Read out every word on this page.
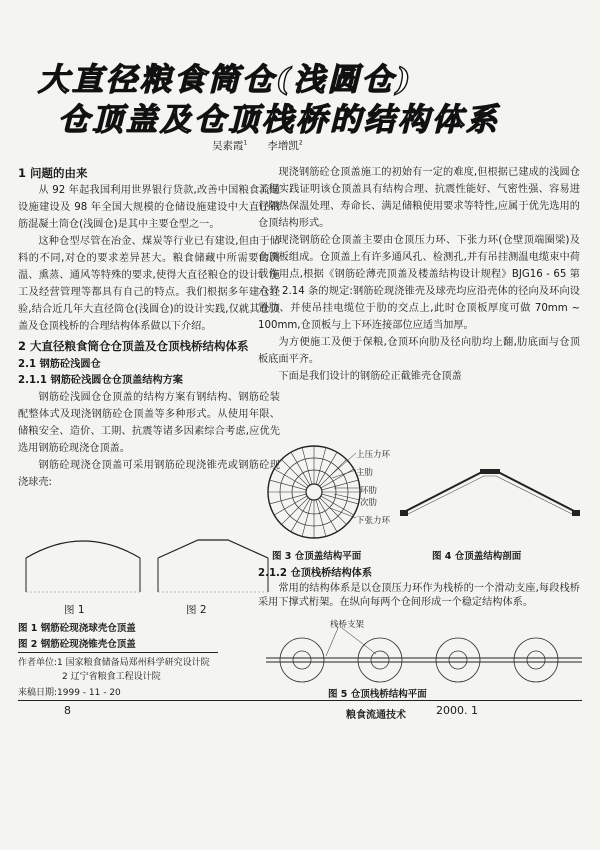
大直径粮食筒仓(浅圆仓)
仓顶盖及仓顶栈桥的结构体系
吴素霞$^1$ 李增凯$^2$
1 问题的由来

从 92 年起我国利用世界银行贷款,改善中国粮食流通设施建设及 98 年全国大规模的仓储设施建设中大直径钢筋混凝土筒仓(浅圆仓)是其中主要仓型之一。

这种仓型尽管在冶金、煤炭等行业已有建设,但由于储料的不同,对仓的要求差异甚大。粮食储藏中所需要的测温、熏蒸、通风等特殊的要求,使得大直径粮仓的设计、施工及经营管理等都具有自己的特点。我们根据多年建仓经验,结合近几年大直径筒仓(浅圆仓)的设计实践,仅就其仓顶盖及仓顶栈桥的合理结构体系做以下介绍。

2 大直径粮食筒仓仓顶盖及仓顶栈桥结构体系
2.1 钢筋砼浅圆仓
2.1.1 钢筋砼浅圆仓仓顶盖结构方案

钢筋砼浅圆仓仓顶盖的结构方案有钢结构、钢筋砼装配整体式及现浇钢筋砼仓顶盖等多种形式。从使用年限、储粮安全、造价、工期、抗震等诸多因素综合考虑,应优先选用钢筋砼现浇仓顶盖。

钢筋砼现浇仓顶盖可采用钢筋砼现浇锥壳或钢筋砼现浇球壳:

图 1	图 2
图 1 钢筋砼现浇球壳仓顶盖
图 2 钢筋砼现浇锥壳仓顶盖
作者单位:1 国家粮食储备局郑州科学研究设计院
2 辽宁省粮食工程设计院
来稿日期:1999 - 11 - 20

现浇钢筋砼仓顶盖施工的初始有一定的难度,但根据已建成的浅圆仓工程实践证明该仓顶盖具有结构合理、抗震性能好、气密性强、容易进行隔热保温处理、寿命长、满足储粮使用要求等特性,应属于优先选用的仓顶结构形式。

现浇钢筋砼仓顶盖主要由仓顶压力环、下张力环(仓壁顶端圈梁)及仓顶板组成。仓顶盖上有许多通风孔、检测孔,并有吊挂测温电缆束中荷载作用点,根据《钢筋砼薄壳顶盖及楼盖结构设计规程》BJG16 - 65 第六节 2.14 条的规定:钢筋砼现浇锥壳及球壳均应沿壳体的径向及环向设置肋、并使吊挂电缆位于肋的交点上,此时仓顶板厚度可做 70mm ~ 100mm,仓顶板与上下环连接部位应适当加厚。

为方便施工及便于保粮,仓顶环向肋及径向肋均上翻,肋底面与仓顶板底面平齐。

下面是我们设计的钢筋砼正截锥壳仓顶盖

上压力环
主肋
环肋
次肋
下张力环
图 3 仓顶盖结构平面	图 4 仓顶盖结构剖面
2.1.2 仓顶栈桥结构体系

常用的结构体系是以仓顶压力环作为栈桥的一个滑动支座,每段栈桥采用下撑式桁架。在纵向每两个仓间形成一个稳定结构体系。

栈桥支架
图 5 仓顶栈桥结构平面
8	粮食流通技术	2000. 1
